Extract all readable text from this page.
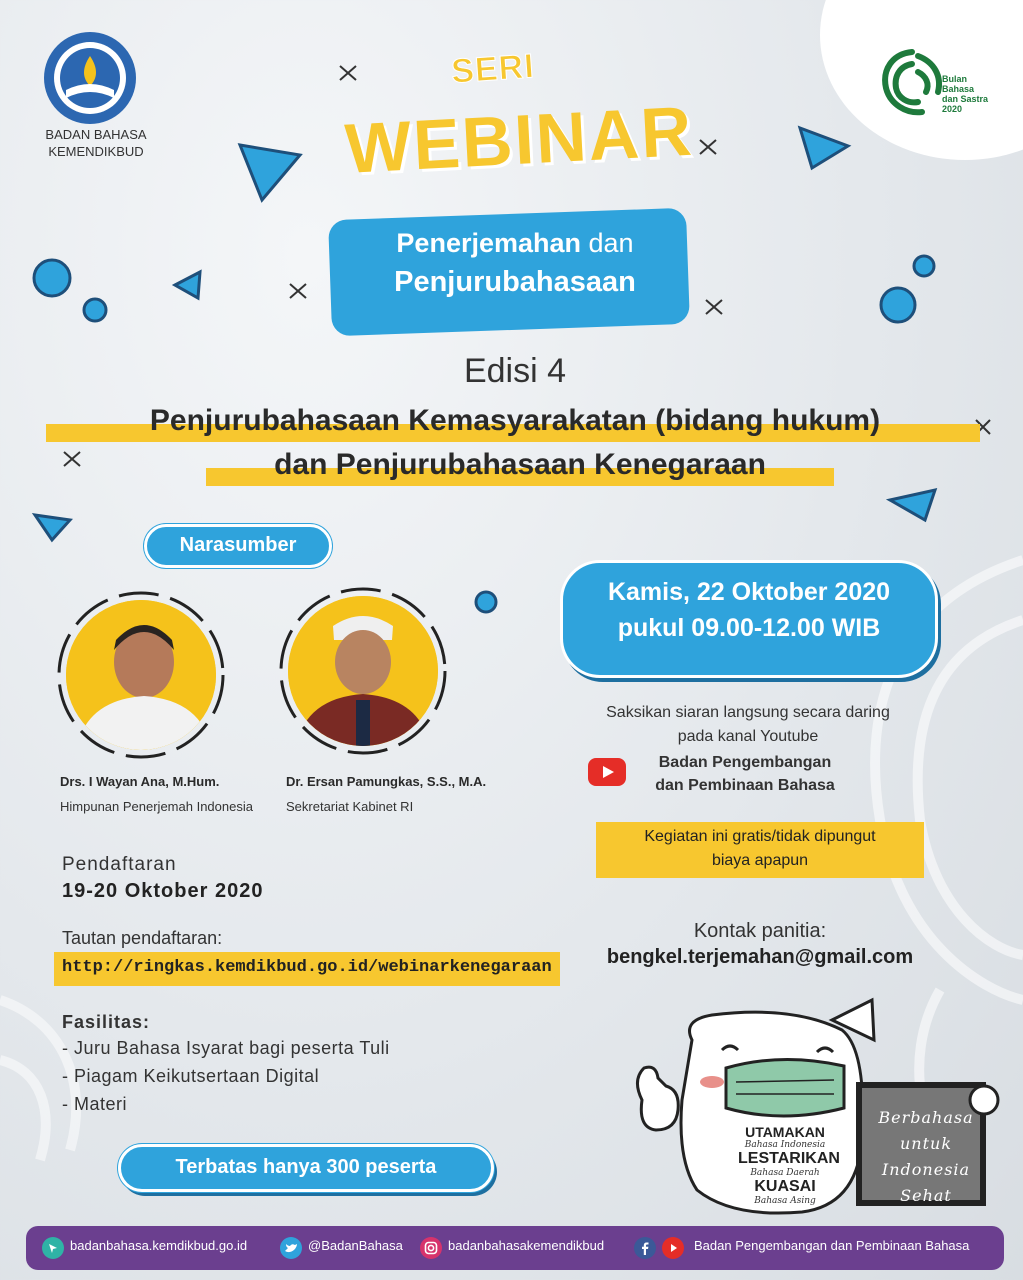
BADAN BAHASA
KEMENDIKBUD
Bulan
Bahasa
dan Sastra
2020
SERI
WEBINAR
Penerjemahan dan
Penjurubahasaan
Edisi 4
Penjurubahasaan Kemasyarakatan (bidang hukum)
dan Penjurubahasaan Kenegaraan
Narasumber
Drs. I Wayan Ana, M.Hum.
Himpunan Penerjemah Indonesia
Dr. Ersan Pamungkas, S.S., M.A.
Sekretariat Kabinet RI
Kamis, 22 Oktober 2020
pukul 09.00-12.00 WIB
Saksikan siaran langsung secara daring
pada kanal Youtube
Badan Pengembangan
dan Pembinaan Bahasa
Kegiatan ini gratis/tidak dipungut
biaya apapun
Kontak panitia:
bengkel.terjemahan@gmail.com
Pendaftaran
19-20 Oktober 2020
Tautan pendaftaran:
http://ringkas.kemdikbud.go.id/webinarkenegaraan
Fasilitas:
- Juru Bahasa Isyarat bagi peserta Tuli
- Piagam Keikutsertaan Digital
- Materi
Terbatas hanya 300 peserta
UTAMAKAN
Bahasa Indonesia
LESTARIKAN
Bahasa Daerah
KUASAI
Bahasa Asing
Berbahasa
untuk
Indonesia
Sehat
badanbahasa.kemdikbud.go.id	@BadanBahasa	badanbahasakemendikbud	Badan Pengembangan dan Pembinaan Bahasa
